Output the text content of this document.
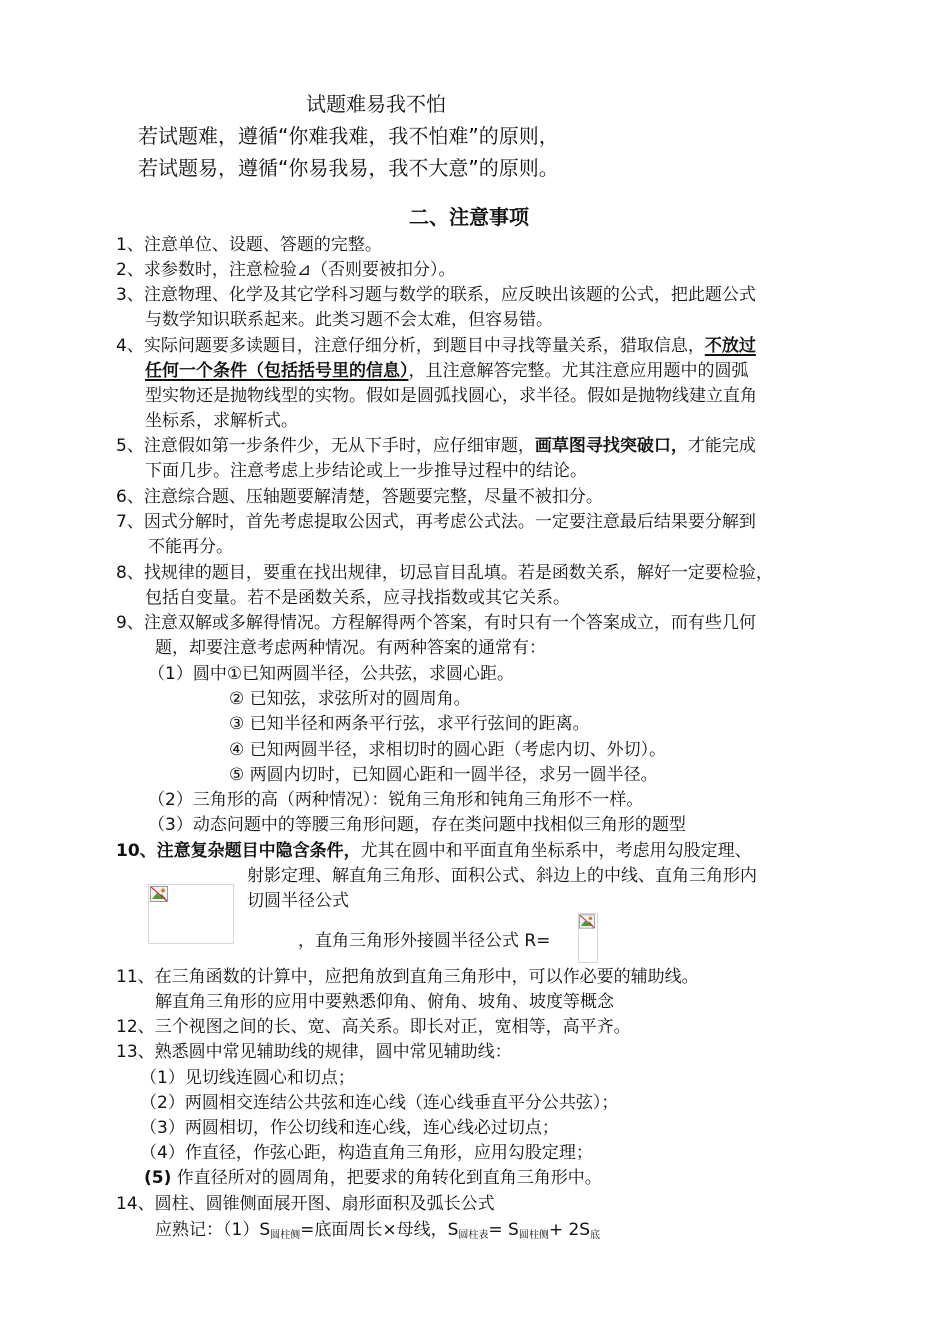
试题难易我不怕
若试题难，遵循“你难我难，我不怕难”的原则，
若试题易，遵循“你易我易，我不大意”的原则。
二、注意事项
1、注意单位、设题、答题的完整。
2、求参数时，注意检验⊿（否则要被扣分）。
3、注意物理、化学及其它学科习题与数学的联系，应反映出该题的公式，把此题公式
与数学知识联系起来。此类习题不会太难，但容易错。
4、实际问题要多读题目，注意仔细分析，到题目中寻找等量关系，猎取信息，不放过
任何一个条件（包括括号里的信息），且注意解答完整。尤其注意应用题中的圆弧
型实物还是抛物线型的实物。假如是圆弧找圆心，求半径。假如是抛物线建立直角
坐标系，求解析式。
5、注意假如第一步条件少，无从下手时，应仔细审题，画草图寻找突破口，才能完成
下面几步。注意考虑上步结论或上一步推导过程中的结论。
6、注意综合题、压轴题要解清楚，答题要完整，尽量不被扣分。
7、因式分解时，首先考虑提取公因式，再考虑公式法。一定要注意最后结果要分解到
不能再分。
8、找规律的题目，要重在找出规律，切忌盲目乱填。若是函数关系，解好一定要检验，
包括自变量。若不是函数关系，应寻找指数或其它关系。
9、注意双解或多解得情况。方程解得两个答案，有时只有一个答案成立，而有些几何
题，却要注意考虑两种情况。有两种答案的通常有：
（1）圆中①已知两圆半径，公共弦，求圆心距。
② 已知弦，求弦所对的圆周角。
③ 已知半径和两条平行弦，求平行弦间的距离。
④ 已知两圆半径，求相切时的圆心距（考虑内切、外切）。
⑤ 两圆内切时，已知圆心距和一圆半径，求另一圆半径。
（2）三角形的高（两种情况）：锐角三角形和钝角三角形不一样。
（3）动态问题中的等腰三角形问题，存在类问题中找相似三角形的题型
10、注意复杂题目中隐含条件，尤其在圆中和平面直角坐标系中，考虑用勾股定理、
射影定理、解直角三角形、面积公式、斜边上的中线、直角三角形内
切圆半径公式
，直角三角形外接圆半径公式 R=
11、在三角函数的计算中，应把角放到直角三角形中，可以作必要的辅助线。
解直角三角形的应用中要熟悉仰角、俯角、坡角、坡度等概念
12、三个视图之间的长、宽、高关系。即长对正，宽相等，高平齐。
13、熟悉圆中常见辅助线的规律，圆中常见辅助线：
（1）见切线连圆心和切点；
（2）两圆相交连结公共弦和连心线（连心线垂直平分公共弦）；
（3）两圆相切，作公切线和连心线，连心线必过切点；
（4）作直径，作弦心距，构造直角三角形，应用勾股定理；
(5) 作直径所对的圆周角，把要求的角转化到直角三角形中。
14、圆柱、圆锥侧面展开图、扇形面积及弧长公式
应熟记：$(1)S_{圆柱侧}=$底面周长×母线，$S_{圆柱表}= S_{圆柱侧}+ 2S_底$
